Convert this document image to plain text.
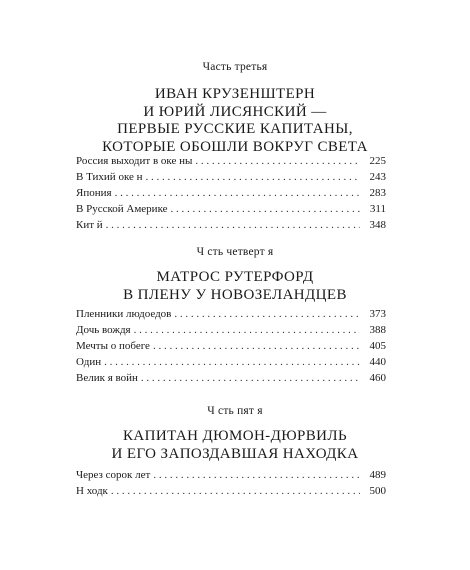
Часть третья

ИВАН КРУЗЕНШТЕРН
И ЮРИЙ ЛИСЯНСКИЙ —
ПЕРВЫЕ РУССКИЕ КАПИТАНЫ,
КОТОРЫЕ ОБОШЛИ ВОКРУГ СВЕТА

Россия выходит в оке ны . . .	225
В Тихий оке н . . .	243
Япония . . .	283
В Русской Америке . . .	311
Кит й . . .	348

Ч сть четверт я

МАТРОС РУТЕРФОРД
В ПЛЕНУ У НОВОЗЕЛАНДЦЕВ

Пленники людоедов . . .	373
Дочь вождя . . .	388
Мечты о побеге . . .	405
Один . . .	440
Велик я войн . . .	460

Ч сть пят я

КАПИТАН ДЮМОН-ДЮРВИЛЬ
И ЕГО ЗАПОЗДАВШАЯ НАХОДКА

Через сорок лет . . .	489
Н ходк . . .	500
